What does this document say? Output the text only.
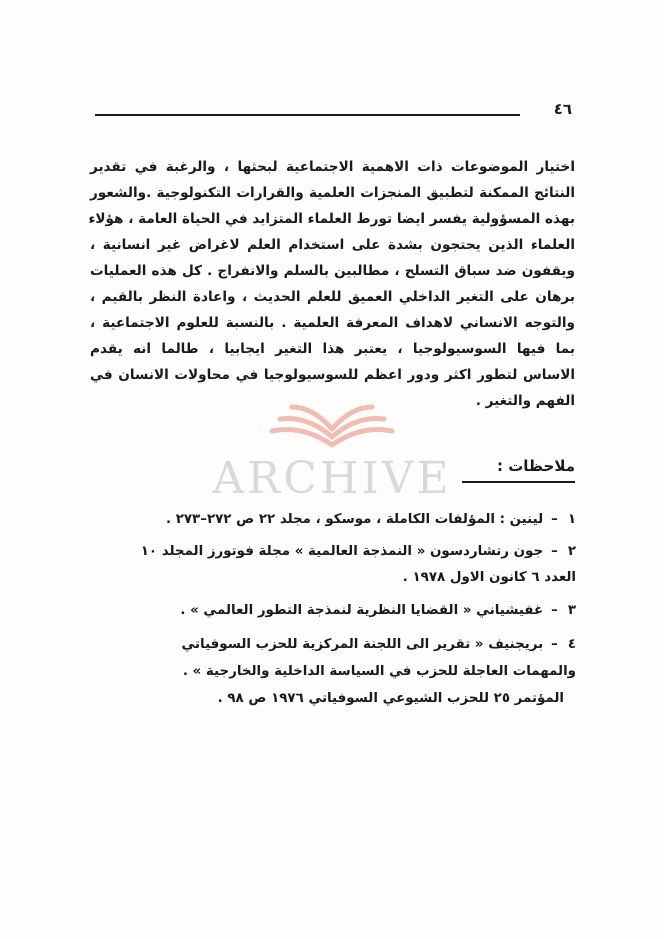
٤٦
اختيار الموضوعات ذات الاهمية الاجتماعية لبحثها ، والرغبة في تقدير
النتائج الممكنة لتطبيق المنجزات العلمية والقرارات التكنولوجية .والشعور
بهذه المسؤولية يفسر ايضا تورط العلماء المتزايد في الحياة العامة ، هؤلاء
العلماء الذين يحتجون بشدة على استخدام العلم لاغراض غير انسانية ،
ويقفون ضد سباق التسلح ، مطالبين بالسلم والانفراج . كل هذه العمليات
برهان على التغير الداخلي العميق للعلم الحديث ، واعادة النظر بالقيم ،
والتوجه الانساني لاهداف المعرفة العلمية . بالنسبة للعلوم الاجتماعية ،
بما فيها السوسيولوجيا ، يعتبر هذا التغير ايجابيا ، طالما انه يقدم
الاساس لتطور اكثر ودور اعظم للسوسيولوجيا في محاولات الانسان في
الفهم والتغير .
ARCHIVE	ملاحظات :
١–لينين : المؤلفات الكاملة ، موسكو ، مجلد ٢٢ ص ٢٧٢–٢٧٣ .
٢–جون رتشاردسون « النمذجة العالمية » مجلة فوتورز المجلد ١٠
العدد ٦ كانون الاول ١٩٧٨ .
٣–غفيشياني « القضايا النظرية لنمذجة التطور العالمي » .
٤–بريجنيف « تقرير الى اللجنة المركزية للحزب السوفياتي
والمهمات العاجلة للحزب في السياسة الداخلية والخارجية » .
المؤتمر ٢٥ للحزب الشيوعي السوفياتي ١٩٧٦ ص ٩٨ .
